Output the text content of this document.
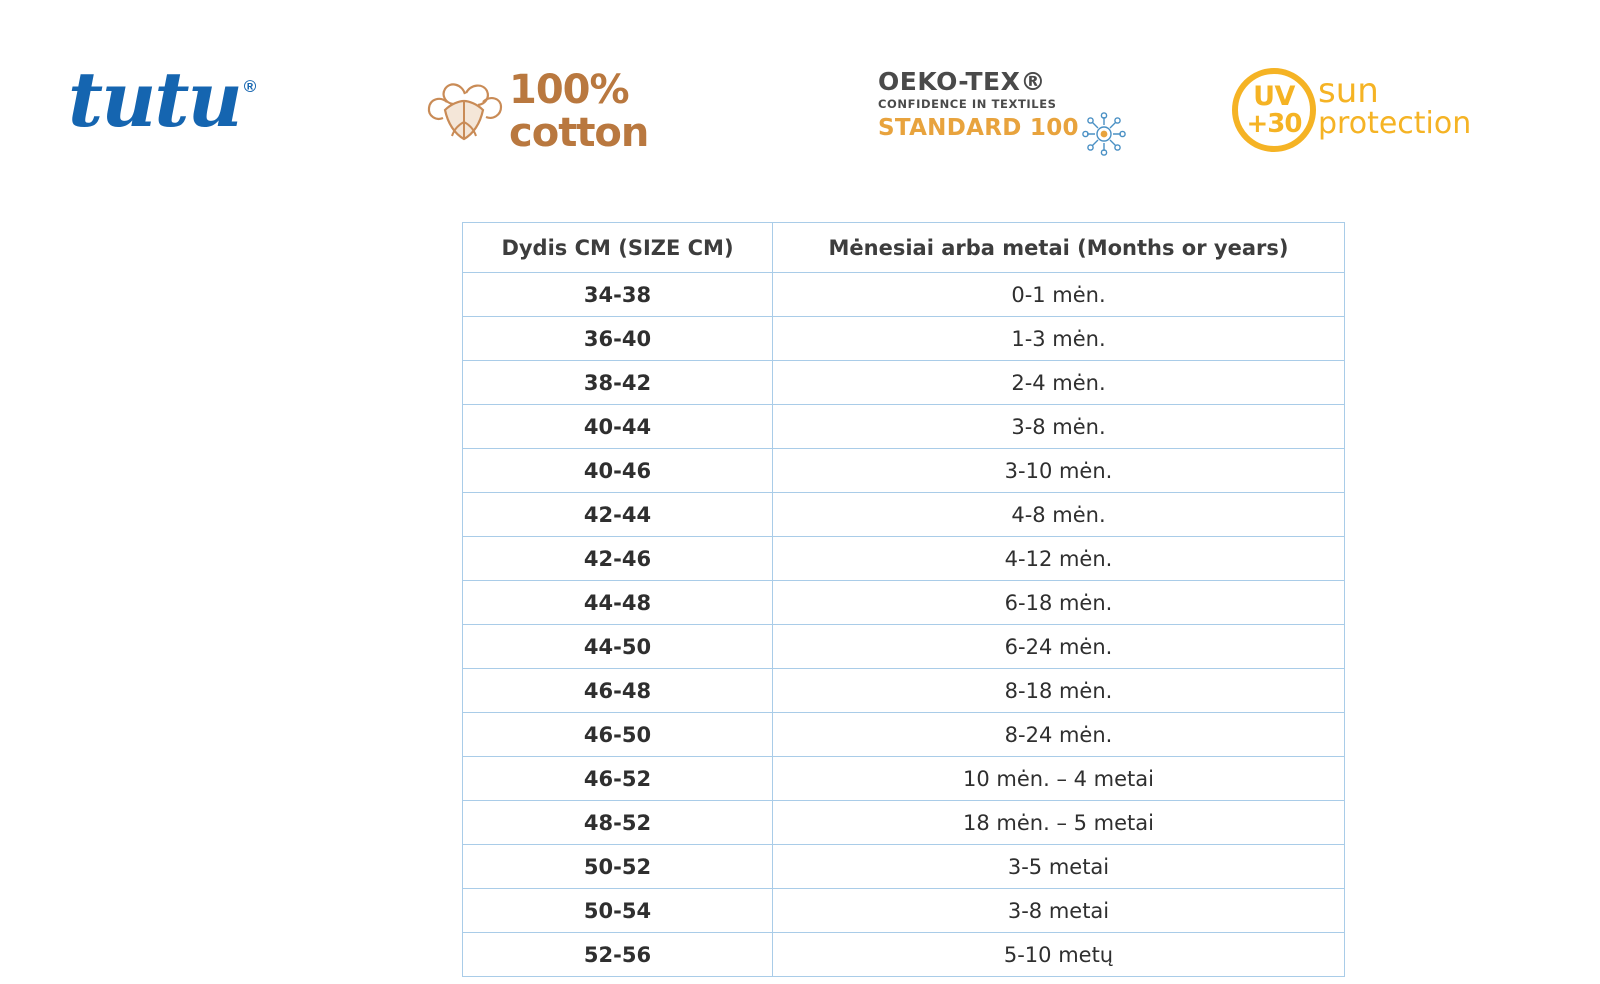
tutu ®	100%
cotton
OEKO-TEX®
CONFIDENCE IN TEXTILES
STANDARD 100
UV
+30
sun
protection
Dydis CM (SIZE CM)	Mėnesiai arba metai (Months or years)
34-38	0-1 mėn.
36-40	1-3 mėn.
38-42	2-4 mėn.
40-44	3-8 mėn.
40-46	3-10 mėn.
42-44	4-8 mėn.
42-46	4-12 mėn.
44-48	6-18 mėn.
44-50	6-24 mėn.
46-48	8-18 mėn.
46-50	8-24 mėn.
46-52	10 mėn. – 4 metai
48-52	18 mėn. – 5 metai
50-52	3-5 metai
50-54	3-8 metai
52-56	5-10 metų
